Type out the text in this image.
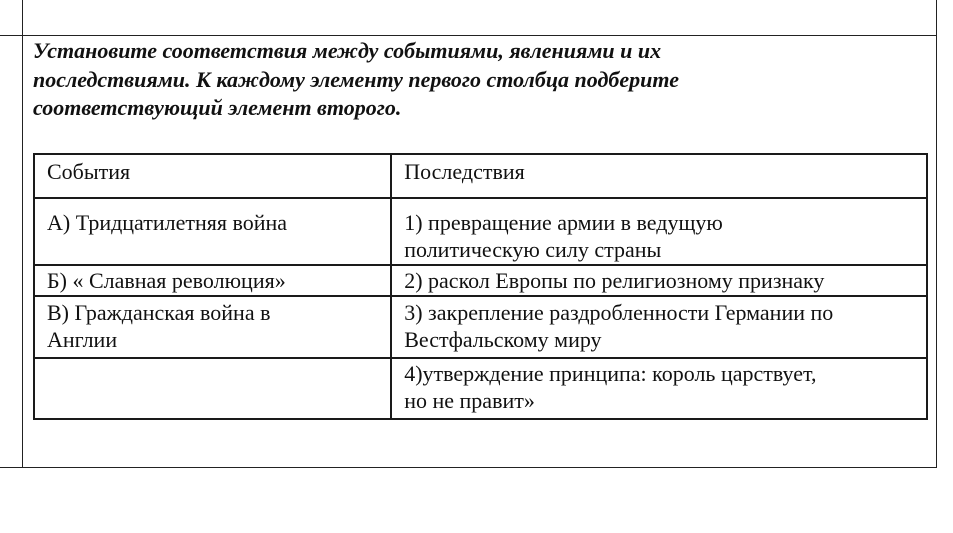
Установите соответствия между событиями, явлениями и их
последствиями. К каждому элементу первого столбца подберите
соответствующий элемент второго.
События	Последствия
А) Тридцатилетняя война	1) превращение армии в ведущую
политическую силу страны
Б) « Славная революция»	2) раскол Европы по религиозному признаку
В) Гражданская война в
Англии	3) закрепление раздробленности Германии по
Вестфальскому миру
	4)утверждение принципа: король царствует,
но не правит»
